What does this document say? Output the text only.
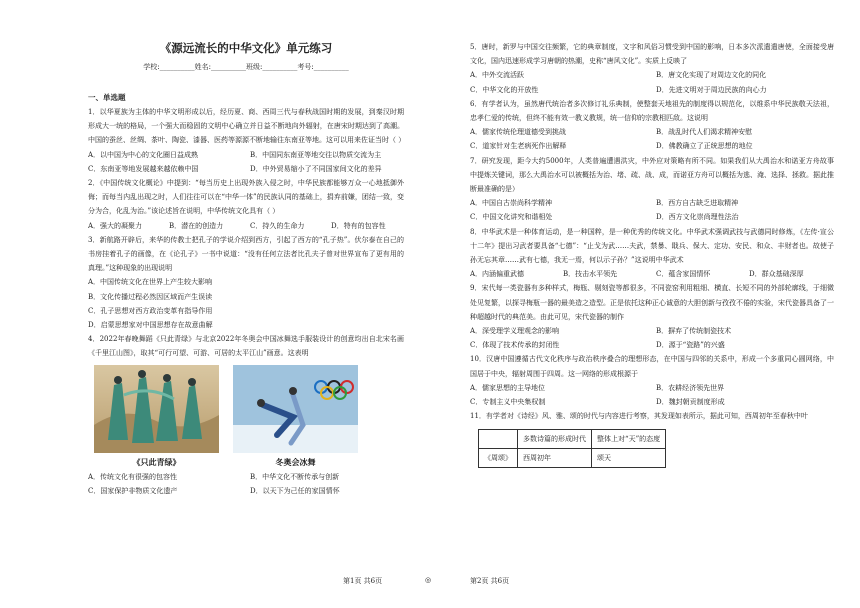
《源远流长的中华文化》单元练习

学校:__________姓名:__________班级:__________考号:__________

一、单选题

1．以华夏族为主体的中华文明形成以后，经历夏、商、西周三代与春秋战国时期的发展，到秦汉时期形成大一统的格局，一个强大而稳固的文明中心确立并日益不断地向外辐射，在唐宋时期达到了高潮。中国的蚕丝、丝绸、茶叶、陶瓷、漆器、医药等源源不断地输往东南亚等地。这可以用来佐证当时（ ）

A．以中国为中心的文化圈日益成熟	B．中国同东南亚等地交往以物质交流为主
C．东南亚等地发展越来越依赖中国	D．中外贸易缩小了不同国家间文化的差异

2．《中国传统文化概论》中提到：“每当历史上出现外族入侵之时，中华民族都能够万众一心地抵御外侮；而每当内乱出现之时，人们往往可以在“中华一体”的民族认同的基础上，捐弃前嫌，团结一致，变分为合，化乱为治。”该论述旨在说明，中华传统文化具有（ ）

A．强大的凝聚力	B．潜在的创造力	C．持久的生命力	D．特有的包容性

3．新航路开辟后，来华的传教士把孔子的学说介绍到西方，引起了西方的“孔子热”。伏尔泰在自己的书房挂着孔子的画像，在《论孔子》一书中说道：“没有任何立法者比孔夫子曾对世界宣布了更有用的真理。”这种现象的出现说明

A．中国传统文化在世界上产生较大影响
B．文化传播过程必然因区域而产生误读
C．孔子思想对西方政治变革有指导作用
D．启蒙思想家对中国思想存在故意曲解

4．2022年春晚舞蹈《只此青绿》与北京2022年冬奥会中国冰舞选手服装设计的创意均出自北宋名画《千里江山图》，取其“可行可望、可游、可居的太平江山”画意。这表明

《只此青绿》	冬奥会冰舞
A．传统文化有很强的包容性	B．中华文化不断传承与创新
C．国家保护非物质文化遗产	D．以天下为己任的家国情怀

5．唐时，新罗与中国交往频繁，它的典章制度，文字和风俗习惯受到中国的影响，日本多次派遣遣唐使，全面接受唐文化，国内迅速形成学习唐朝的热潮，史称“唐风文化”。实质上反映了

A．中外交流活跃	B．唐文化实现了对周边文化的同化
C．中华文化的开放性	D．先进文明对于周边民族的向心力

6．有学者认为，虽然唐代统治者多次修订礼乐典制，使整套天地祖先的制度得以规范化，以维系中华民族敬天法祖，忠孝仁爱的传统，但终不能有效一教义教规，统一信仰的宗教相匹敌。这说明

A．儒家传统伦理道德受到挑战	B．战乱时代人们渴求精神安慰
C．道家针对生老病死作出解释	D．佛教确立了正统思想的地位

7．研究发现，距今大约5000年，人类普遍遭遇洪灾，中外应对策略有所不同。如果我们从大禹治水和诺亚方舟故事中提炼关键词，那么大禹治水可以被概括为治、堵、疏、战、成，而诺亚方舟可以概括为逃、淹、选择、拯救。据此推断最准确的是）

A．中国自古崇尚科学精神	B．西方自古缺乏进取精神
C．中国文化讲究和谐相处	D．西方文化崇尚理性法治

8．中华武术是一种体育运动，是一种国粹，是一种优秀的传统文化。中华武术强调武技与武德同时修炼，《左传·宣公十二年》提出习武者要具备“七德”：“止戈为武……夫武，禁暴、戢兵、保大、定功、安民、和众、丰财者也。故使子孙无忘其章……武有七德，我无一焉，何以示子孙？”这说明中华武术

A．内涵偏重武德	B．技击水平领先	C．蕴含家国情怀	D．群众基础深厚

9．宋代每一类瓷器有多种样式，梅瓶、剔刻瓷等都很多，不同瓷窑利用粗细、横直、长短不同的外部轮廓线，于细微处见复繁，以探寻梅瓶一器的最美造之造型。正是依托这种正心诚意的大胆创新与孜孜不倦的实验，宋代瓷器具备了一种超越时代的典范美。由此可见，宋代瓷器的制作

A．深受理学义理观念的影响	B．摒弃了传统制瓷技术
C．体现了技术传承的封闭性	D．源于“瓷路”的兴盛

10．汉唐中国遵循古代文化秩序与政治秩序叠合的理想形态，在中国与四邻的关系中，形成一个多重同心圆网络，中国居于中央，辐射周围于四周。这一网络的形成根源于

A．儒家思想的主导地位	B．农耕经济领先世界
C．专制主义中央集权制	D．魏封朝贡制度形成

11．有学者对《诗经》风、雅、颂的时代与内容进行考察，其发现如表所示，据此可知，西周初年至春秋中叶

	多数诗篇的形成时代	整体上对“天”的态度
《周颂》	西周初年	颂天
第1页 共6页	◎	第2页 共6页
